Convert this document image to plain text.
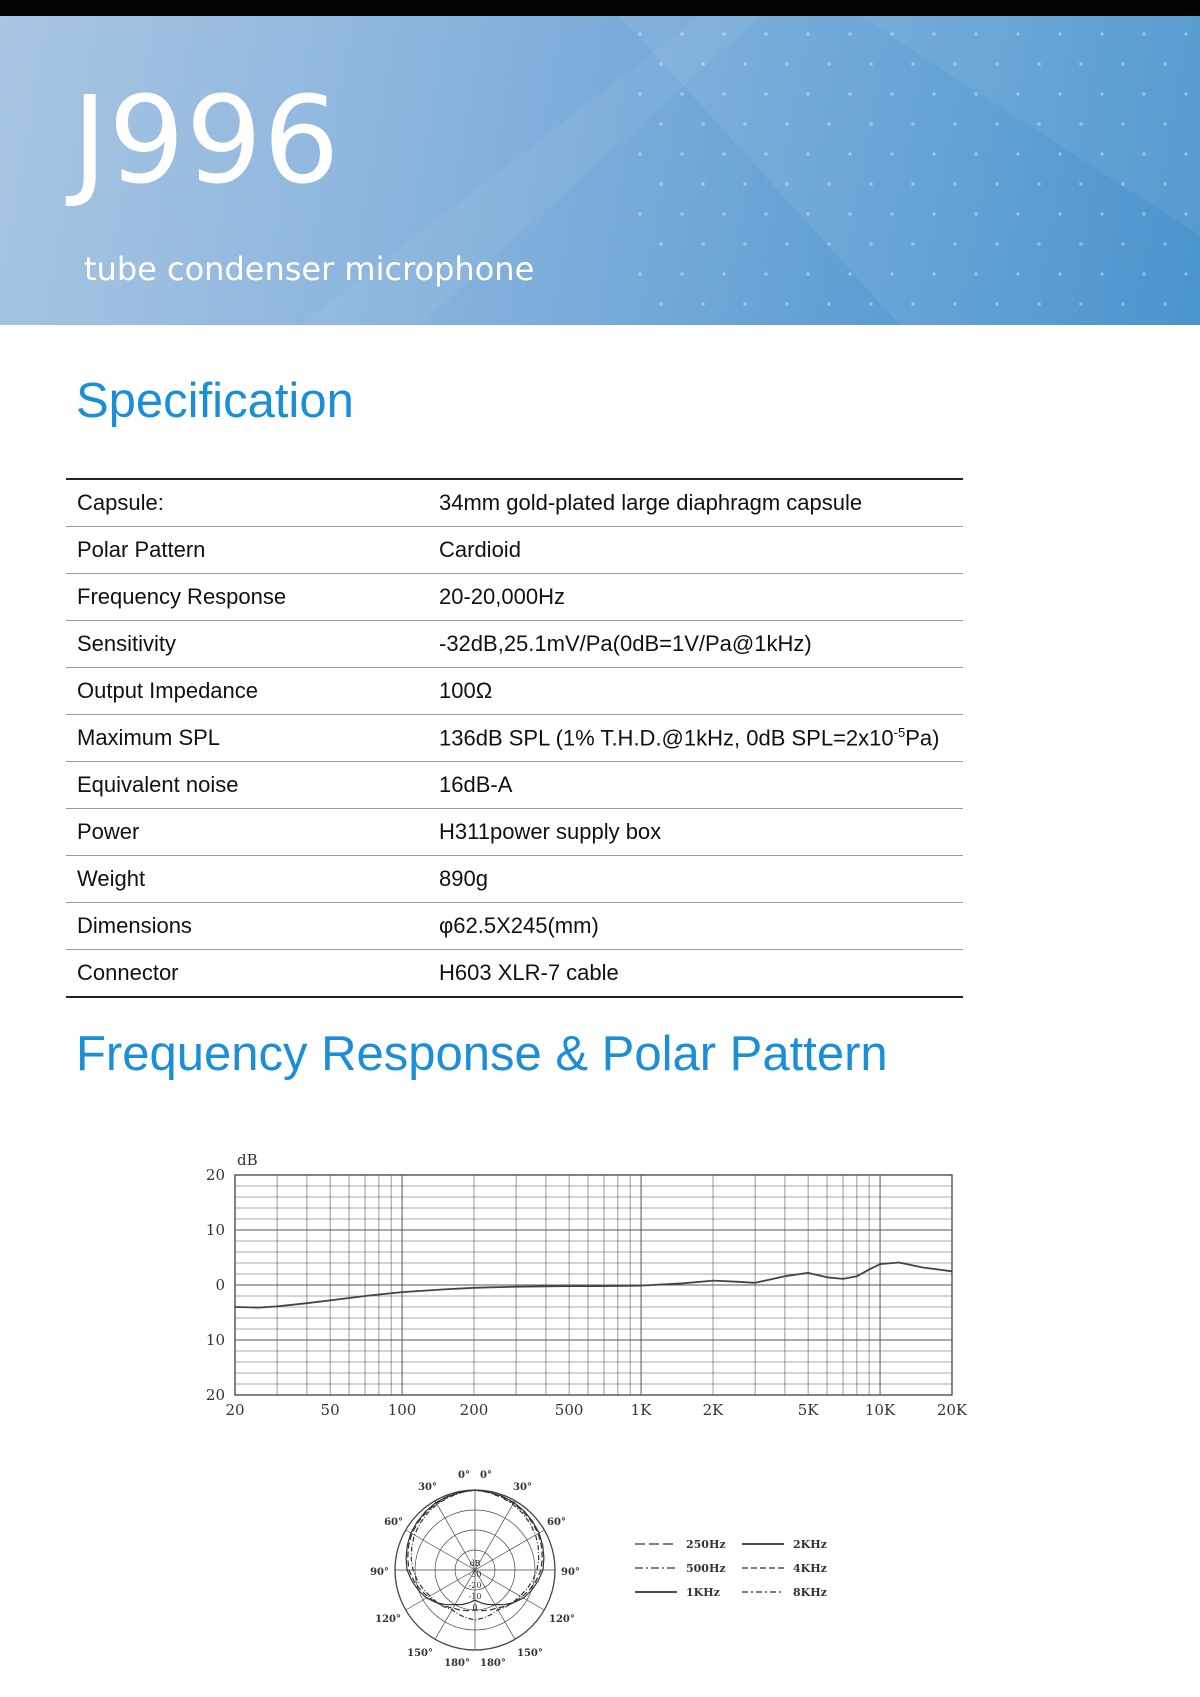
J996

tube condenser microphone

Specification
Capsule:	34mm gold-plated large diaphragm capsule
Polar Pattern	Cardioid
Frequency Response	20-20,000Hz
Sensitivity	-32dB,25.1mV/Pa(0dB=1V/Pa@1kHz)
Output Impedance	100Ω
Maximum SPL	136dB SPL (1% T.H.D.@1kHz, 0dB $SPL=2x10^{-5}Pa$)
Equivalent noise	16dB-A
Power	H311power supply box
Weight	890g
Dimensions	φ62.5X245(mm)
Connector	H603 XLR-7 cable
Frequency Response & Polar Pattern
20	50	100	200	500	1K	2K	5K	10K	20K
20
10
0
10
20
dB
0° 0°
30°	30°
60°	60°
90°	90°
120°	120°
150°	150°
180° 180°
dB
-30
-20
-10
0
250Hz
500Hz
1KHz
2KHz
4KHz
8KHz
